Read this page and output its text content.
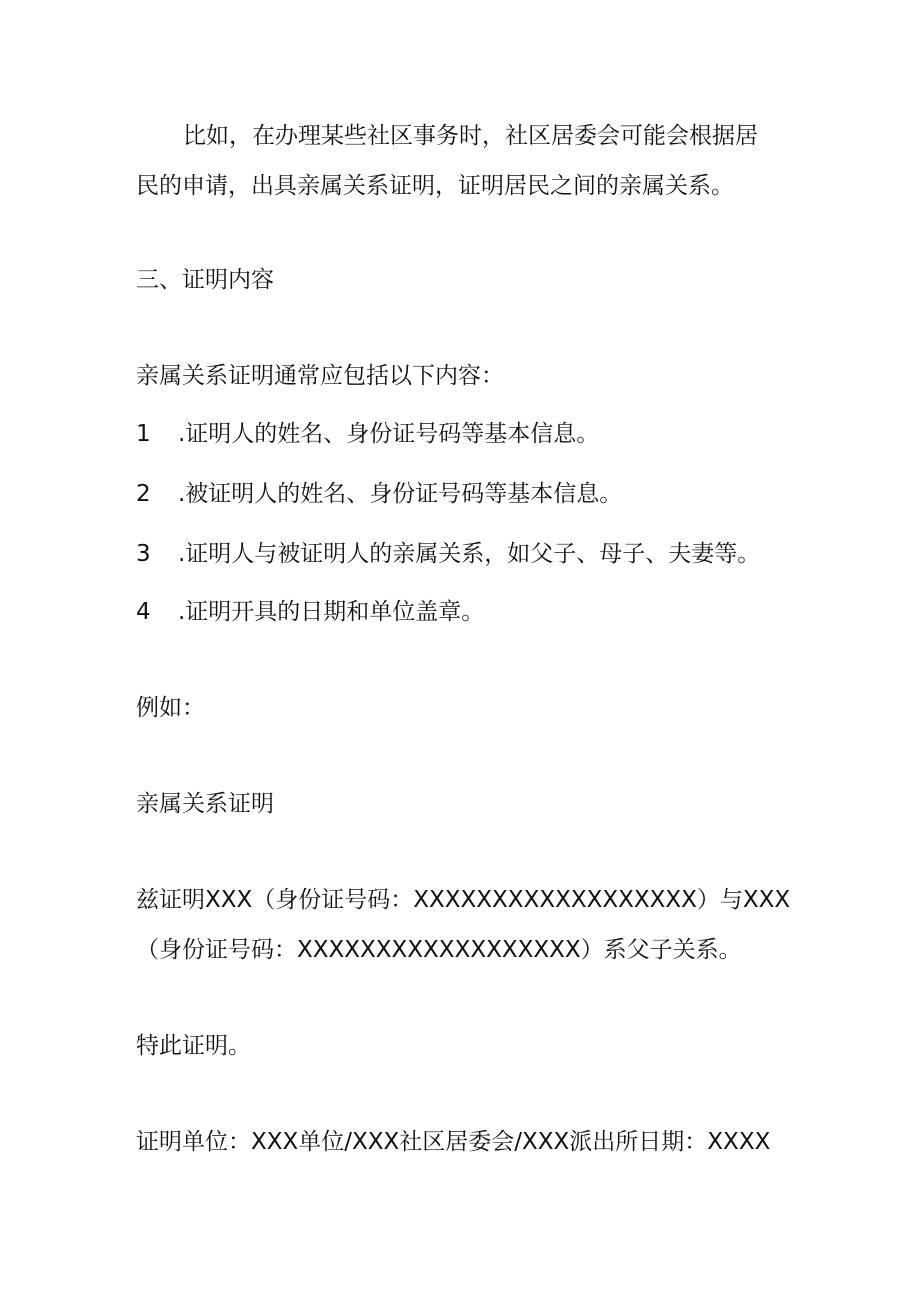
比如，在办理某些社区事务时，社区居委会可能会根据居
民的申请，出具亲属关系证明，证明居民之间的亲属关系。
三、证明内容
亲属关系证明通常应包括以下内容：
1 .证明人的姓名、身份证号码等基本信息。
2 .被证明人的姓名、身份证号码等基本信息。
3 .证明人与被证明人的亲属关系，如父子、母子、夫妻等。
4 .证明开具的日期和单位盖章。
例如：
亲属关系证明
兹证明XXX（身份证号码：XXXXXXXXXXXXXXXXXX）与XXX
（身份证号码：XXXXXXXXXXXXXXXXXX）系父子关系。
特此证明。
证明单位：XXX单位/XXX社区居委会/XXX派出所日期：XXXX
